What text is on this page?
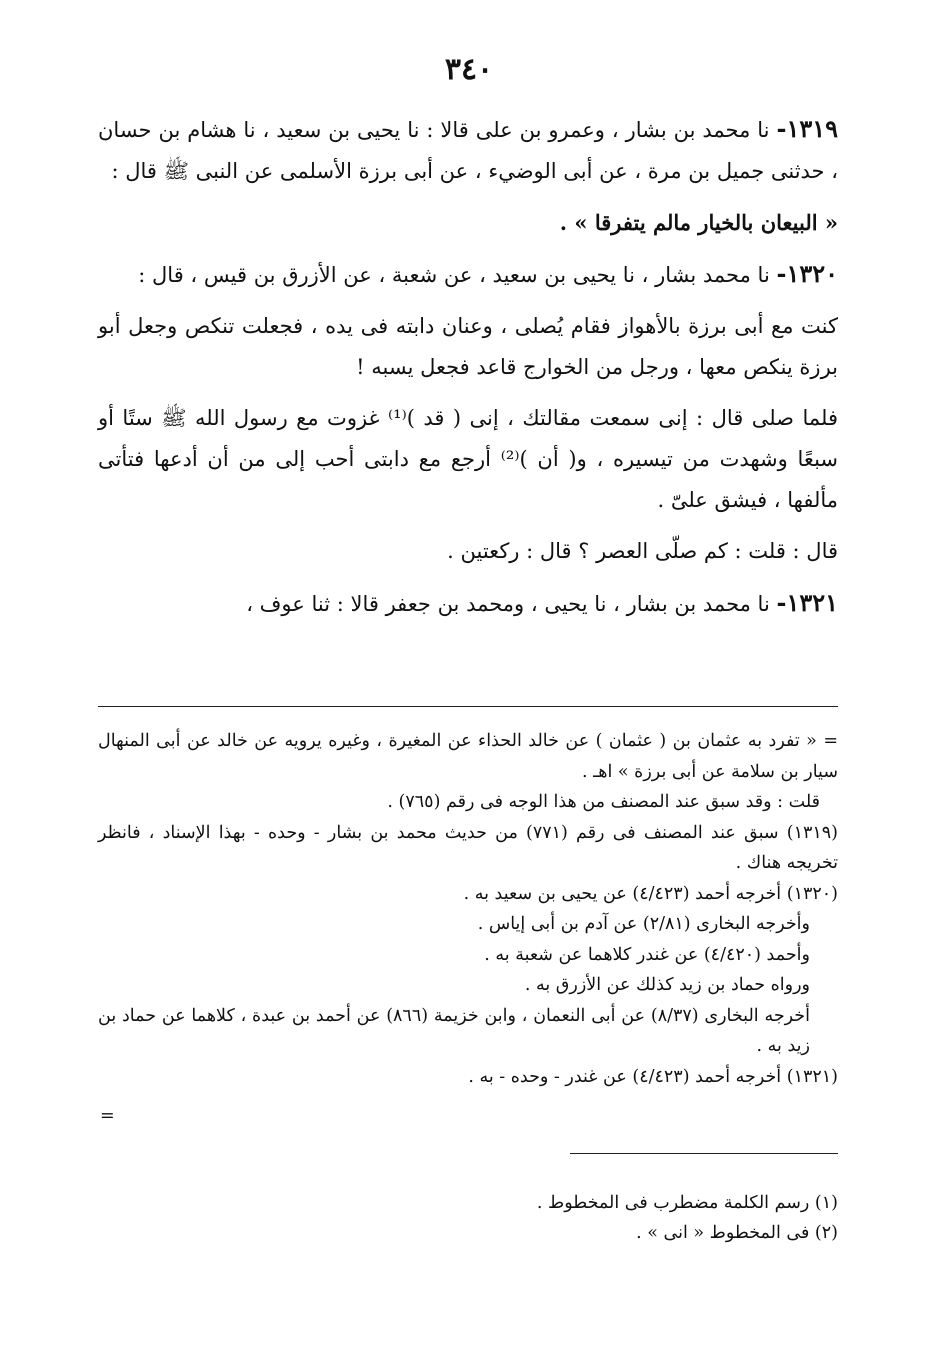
٣٤٠

١٣١٩- نا محمد بن بشار ، وعمرو بن على قالا : نا يحيى بن سعيد ، نا هشام بن حسان ، حدثنى جميل بن مرة ، عن أبى الوضيء ، عن أبى برزة الأسلمى عن النبى ﷺ قال :

« البيعان بالخيار مالم يتفرقا » .

١٣٢٠- نا محمد بشار ، نا يحيى بن سعيد ، عن شعبة ، عن الأزرق بن قيس ، قال :

كنت مع أبى برزة بالأهواز فقام يُصلى ، وعنان دابته فى يده ، فجعلت تنكص وجعل أبو برزة ينكص معها ، ورجل من الخوارج قاعد فجعل يسبه !

فلما صلى قال : إنى سمعت مقالتك ، إنى ( قد )⁽¹⁾ غزوت مع رسول الله ﷺ ستًا أو سبعًا وشهدت من تيسيره ، و( أن )⁽²⁾ أرجع مع دابتى أحب إلى من أن أدعها فتأتى مألفها ، فيشق علىّ .

قال : قلت : كم صلّى العصر ؟ قال : ركعتين .

١٣٢١- نا محمد بن بشار ، نا يحيى ، ومحمد بن جعفر قالا : ثنا عوف ،

= « تفرد به عثمان بن ( عثمان ) عن خالد الحذاء عن المغيرة ، وغيره يرويه عن خالد عن أبى المنهال سيار بن سلامة عن أبى برزة » اهـ .

قلت : وقد سبق عند المصنف من هذا الوجه فى رقم (٧٦٥) .

(١٣١٩) سبق عند المصنف فى رقم (٧٧١) من حديث محمد بن بشار - وحده - بهذا الإسناد ، فانظر تخريجه هناك .

(١٣٢٠) أخرجه أحمد (٤/٤٢٣) عن يحيى بن سعيد به .

وأخرجه البخارى (٢/٨١) عن آدم بن أبى إياس .

وأحمد (٤/٤٢٠) عن غندر كلاهما عن شعبة به .

ورواه حماد بن زيد كذلك عن الأزرق به .

أخرجه البخارى (٨/٣٧) عن أبى النعمان ، وابن خزيمة (٨٦٦) عن أحمد بن عبدة ، كلاهما عن حماد بن زيد به .

(١٣٢١) أخرجه أحمد (٤/٤٢٣) عن غندر - وحده - به .

=

(١) رسم الكلمة مضطرب فى المخطوط .

(٢) فى المخطوط « انى » .
